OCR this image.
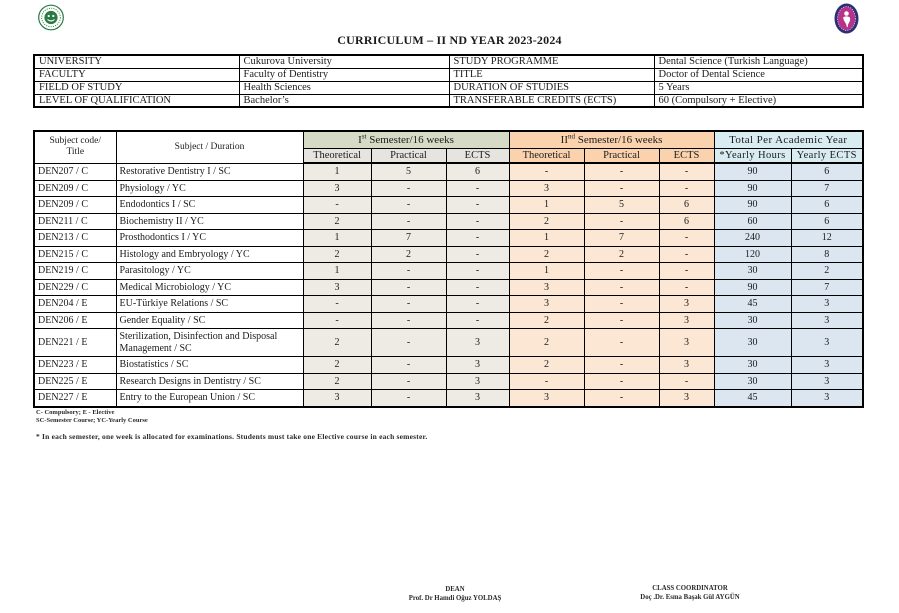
CURRICULUM – II ND YEAR 2023-2024
UNIVERSITY	Cukurova University	STUDY PROGRAMME	Dental Science (Turkish Language)
FACULTY	Faculty of Dentistry	TITLE	Doctor of Dental Science
FIELD OF STUDY	Health Sciences	DURATION OF STUDIES	5 Years
LEVEL OF QUALIFICATION	Bachelor’s	TRANSFERABLE CREDITS (ECTS)	60 (Compulsory + Elective)
Subject code/
Title	Subject / Duration	Ist Semester/16 weeks			IInd Semester/16 weeks			Total Per Academic Year	
		Theoretical	Practical	ECTS	Theoretical	Practical	ECTS	*Yearly Hours	Yearly ECTS
DEN207 / C	Restorative Dentistry I / SC	1	5	6	-	-	-	90	6
DEN209 / C	Physiology / YC	3	-	-	3	-	-	90	7
DEN209 / C	Endodontics I / SC	-	-	-	1	5	6	90	6
DEN211 / C	Biochemistry II / YC	2	-	-	2	-	6	60	6
DEN213 / C	Prosthodontics I / YC	1	7	-	1	7	-	240	12
DEN215 / C	Histology and Embryology / YC	2	2	-	2	2	-	120	8
DEN219 / C	Parasitology / YC	1	-	-	1	-	-	30	2
DEN229 / C	Medical Microbiology / YC	3	-	-	3	-	-	90	7
DEN204 / E	EU-Türkiye Relations / SC	-	-	-	3	-	3	45	3
DEN206 / E	Gender Equality / SC	-	-	-	2	-	3	30	3
DEN221 / E	Sterilization, Disinfection and Disposal Management / SC	2	-	3	2	-	3	30	3
DEN223 / E	Biostatistics / SC	2	-	3	2	-	3	30	3
DEN225 / E	Research Designs in Dentistry / SC	2	-	3	-	-	-	30	3
DEN227 / E	Entry to the European Union / SC	3	-	3	3	-	3	45	3
C- Compulsory; E - Elective
SC-Semester Course; YC-Yearly Course
* In each semester, one week is allocated for examinations. Students must take one Elective course in each semester.
DEAN
Prof. Dr Hamdi Oğuz YOLDAŞ
CLASS COORDINATOR
Doç .Dr. Esma Başak Gül AYGÜN
